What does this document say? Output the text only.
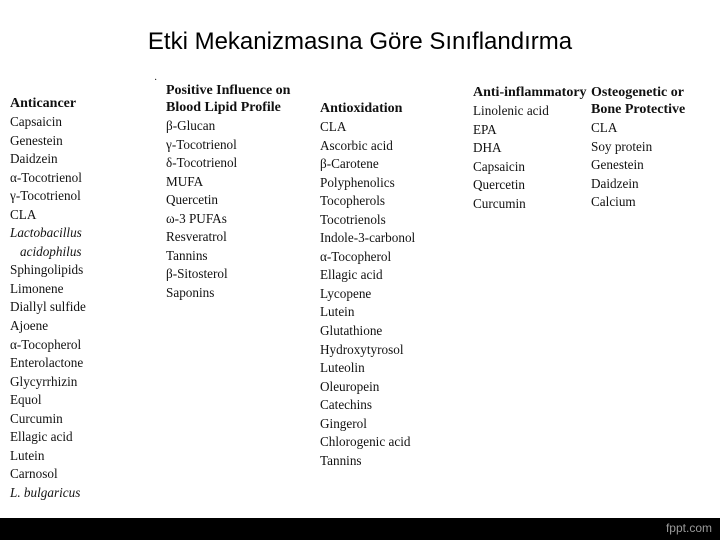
Etki Mekanizmasına Göre Sınıflandırma
·
Anticancer
Capsaicin
Genestein
Daidzein
α-Tocotrienol
γ-Tocotrienol
CLA
Lactobacillus
acidophilus
Sphingolipids
Limonene
Diallyl sulfide
Ajoene
α-Tocopherol
Enterolactone
Glycyrrhizin
Equol
Curcumin
Ellagic acid
Lutein
Carnosol
L. bulgaricus
Positive Influence on Blood Lipid Profile
β-Glucan
γ-Tocotrienol
δ-Tocotrienol
MUFA
Quercetin
ω-3 PUFAs
Resveratrol
Tannins
β-Sitosterol
Saponins
Antioxidation
CLA
Ascorbic acid
β-Carotene
Polyphenolics
Tocopherols
Tocotrienols
Indole-3-carbonol
α-Tocopherol
Ellagic acid
Lycopene
Lutein
Glutathione
Hydroxytyrosol
Luteolin
Oleuropein
Catechins
Gingerol
Chlorogenic acid
Tannins
Anti-inflammatory
Linolenic acid
EPA
DHA
Capsaicin
Quercetin
Curcumin
Osteogenetic or Bone Protective
CLA
Soy protein
Genestein
Daidzein
Calcium
fppt.com
